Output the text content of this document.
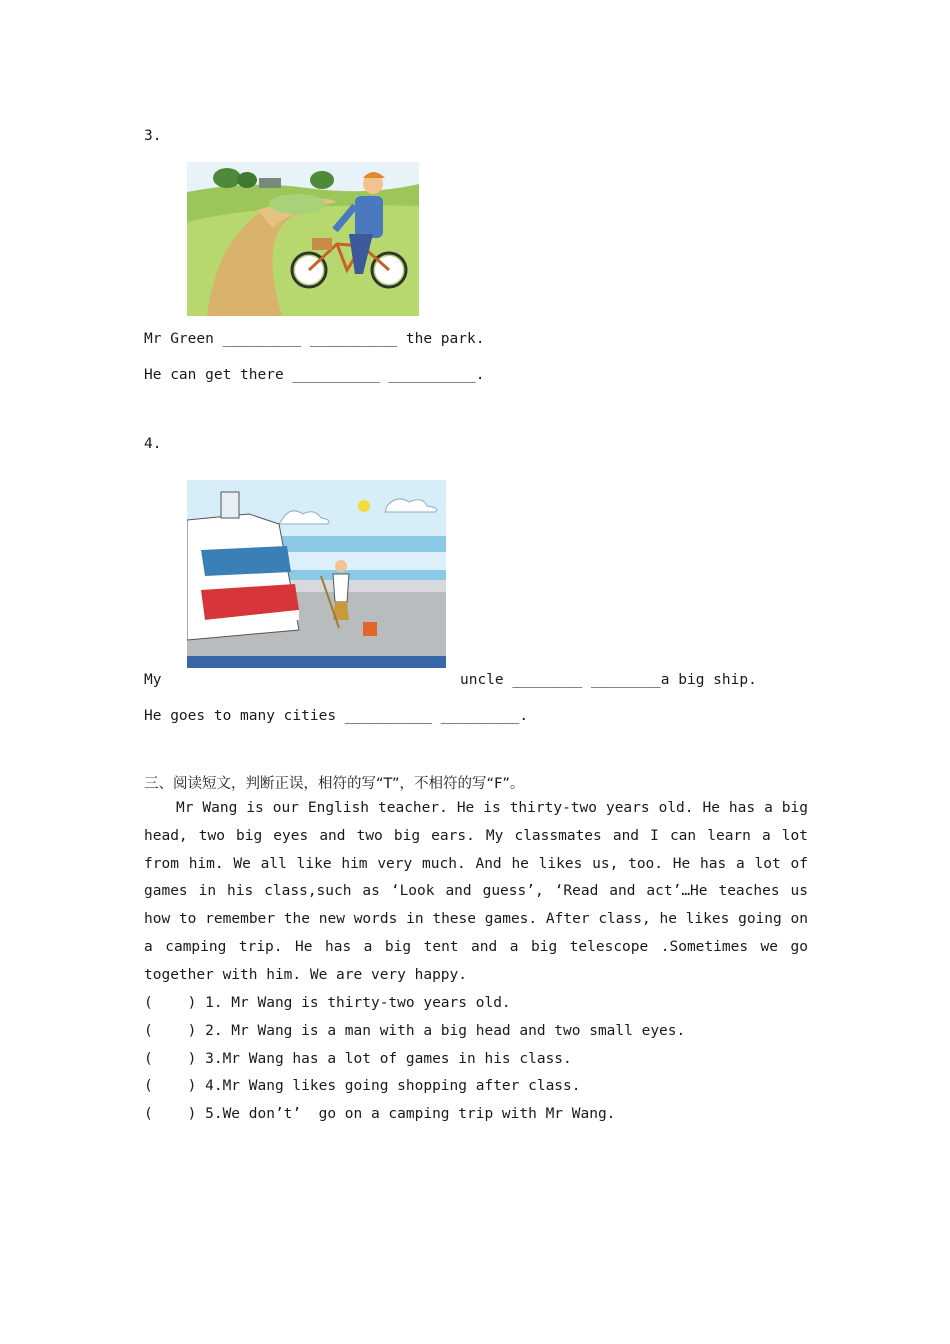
3.
Mr Green _________ __________ the park.
He can get there __________ __________.
4.
My	uncle ________ ________a big ship.
He goes to many cities __________ _________.
三、阅读短文，判断正误，相符的写“T”，不相符的写“F”。
Mr Wang is our English teacher. He is thirty-two years old. He has a big head, two big eyes and two big ears. My classmates and I can learn a lot from him. We all like him very much. And he likes us, too. He has a lot of games in his class,such as ‘Look and guess’, ‘Read and act’…He teaches us how to remember the new words in these games. After class, he likes going on a camping trip. He has a big tent and a big telescope .Sometimes we go together with him. We are very happy.
(    ) 1. Mr Wang is thirty-two years old.
(    ) 2. Mr Wang is a man with a big head and two small eyes.
(    ) 3.Mr Wang has a lot of games in his class.
(    ) 4.Mr Wang likes going shopping after class.
(    ) 5.We don’t’  go on a camping trip with Mr Wang.
